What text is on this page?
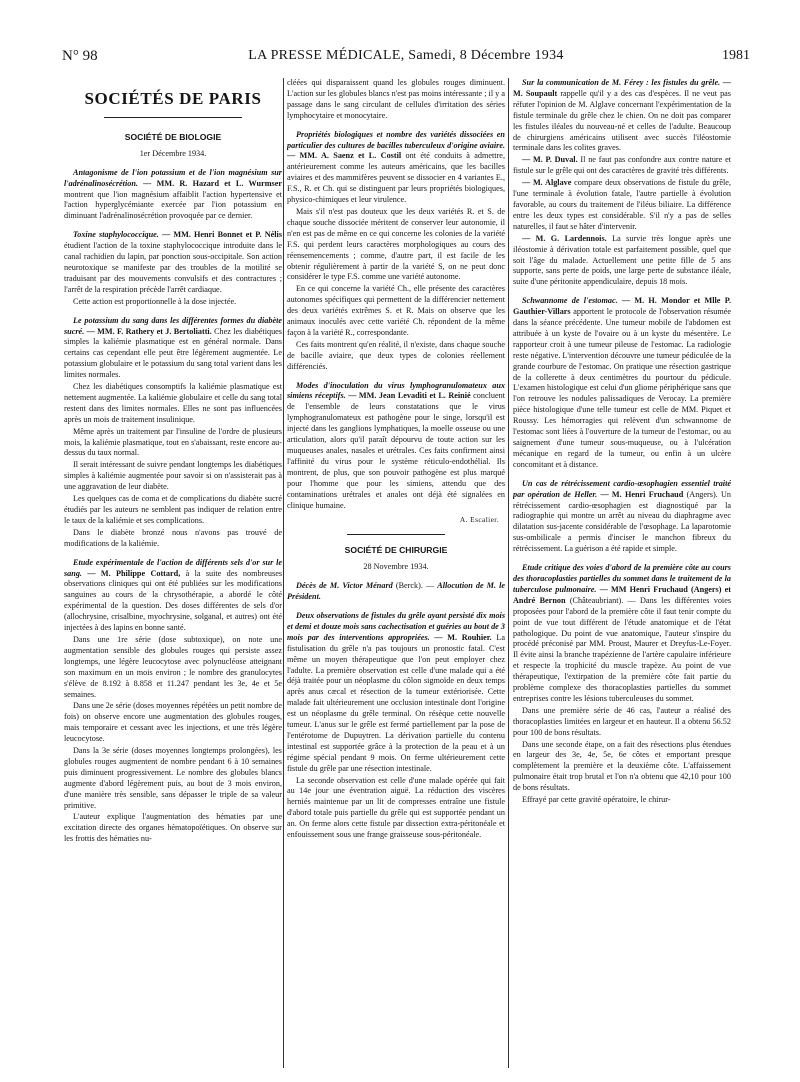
N° 98	LA PRESSE MÉDICALE, Samedi, 8 Décembre 1934	1981
SOCIÉTÉS DE PARIS
SOCIÉTÉ DE BIOLOGIE
1er Décembre 1934.

Antagonisme de l'ion potassium et de l'ion magnésium sur l'adrénalinosécrétion. — MM. R. Hazard et L. Wurmser montrent que l'ion magnésium affaiblit l'action hypertensive et l'action hyperglycémiante exercée par l'ion potassium en diminuant l'adrénalinosécrétion provoquée par ce dernier.

Toxine staphylococcique. — MM. Henri Bonnet et P. Nélis étudient l'action de la toxine staphylococcique introduite dans le canal rachidien du lapin, par ponction sous-occipitale. Son action neurotoxique se manifeste par des troubles de la motilité se traduisant par des mouvements convulsifs et des contractures ; l'arrêt de la respiration précède l'arrêt cardiaque.

Cette action est proportionnelle à la dose injectée.

Le potassium du sang dans les différentes formes du diabète sucré. — MM. F. Rathery et J. Bertoliatti. Chez les diabétiques simples la kaliémie plasmatique est en général normale. Dans certains cas cependant elle peut être légèrement augmentée. Le potassium globulaire et le potassium du sang total varient dans les limites normales.

Chez les diabétiques consomptifs la kaliémie plasmatique est nettement augmentée. La kaliémie globulaire et celle du sang total restent dans des limites normales. Elles ne sont pas influencées après un mois de traitement insulinique.

Même après un traitement par l'insuline de l'ordre de plusieurs mois, la kaliémie plasmatique, tout en s'abaissant, reste encore au-dessus du taux normal.

Il serait intéressant de suivre pendant longtemps les diabétiques simples à kaliémie augmentée pour savoir si on n'assisterait pas à une aggravation de leur diabète.

Les quelques cas de coma et de complications du diabète sucré étudiés par les auteurs ne semblent pas indiquer de relation entre le taux de la kaliémie et ses complications.

Dans le diabète bronzé nous n'avons pas trouvé de modifications de la kaliémie.

Etude expérimentale de l'action de différents sels d'or sur le sang. — M. Philippe Cottard, à la suite des nombreuses observations cliniques qui ont été publiées sur les modifications sanguines au cours de la chrysothérapie, a abordé le côté expérimental de la question. Des doses différentes de sels d'or (allochrysine, crisalbine, myochrysine, solganal, et autres) ont été injectées à des lapins en bonne santé.

Dans une 1re série (dose subtoxique), on note une augmentation sensible des globules rouges qui persiste assez longtemps, une légère leucocytose avec polynucléose atteignant son maximum en un mois environ ; le nombre des granulocytes s'élève de 8.192 à 8.858 et 11.247 pendant les 3e, 4e et 5e semaines.

Dans une 2e série (doses moyennes répétées un petit nombre de fois) on observe encore une augmentation des globules rouges, mais temporaire et cessant avec les injections, et une très légère leucocytose.

Dans la 3e série (doses moyennes longtemps prolongées), les globules rouges augmentent de nombre pendant 6 à 10 semaines puis diminuent progressivement. Le nombre des globules blancs augmente d'abord légèrement puis, au bout de 3 mois environ, d'une manière très sensible, sans dépasser le triple de sa valeur primitive.

L'auteur explique l'augmentation des hématies par une excitation directe des organes hématopoïétiques. On observe sur les frottis des hématies nu-

cléées qui disparaissent quand les globules rouges diminuent. L'action sur les globules blancs n'est pas moins intéressante ; il y a passage dans le sang circulant de cellules d'irritation des séries lymphocytaire et monocytaire.

Propriétés biologiques et nombre des variétés dissociées en particulier des cultures de bacilles tuberculeux d'origine aviaire. — MM. A. Saenz et L. Costil ont été conduits à admettre, antérieurement comme les auteurs américains, que les bacilles aviaires et des mammifères peuvent se dissocier en 4 variantes E., F.S., R. et Ch. qui se distinguent par leurs propriétés biologiques, physico-chimiques et leur virulence.

Mais s'il n'est pas douteux que les deux variétés R. et S. de chaque souche dissociée méritent de conserver leur autonomie, il n'en est pas de même en ce qui concerne les colonies de la variété F.S. qui perdent leurs caractères morphologiques au cours des réensemencements ; comme, d'autre part, il est facile de les obtenir régulièrement à partir de la variété S, on ne peut donc considérer le type F.S. comme une variété autonome.

En ce qui concerne la variété Ch., elle présente des caractères autonomes spécifiques qui permettent de la différencier nettement des deux variétés extrêmes S. et R. Mais on observe que les animaux inoculés avec cette variété Ch. répondent de la même façon à la variété R., correspondante.

Ces faits montrent qu'en réalité, il n'existe, dans chaque souche de bacille aviaire, que deux types de colonies réellement différenciés.

Modes d'inoculation du virus lymphogranulomateux aux simiens réceptifs. — MM. Jean Levaditi et L. Reinié concluent de l'ensemble de leurs constatations que le virus lymphogranulomateux est pathogène pour le singe, lorsqu'il est injecté dans les ganglions lymphatiques, la moelle osseuse ou une articulation, alors qu'il paraît dépourvu de toute action sur les muqueuses anales, nasales et urétrales. Ces faits confirment ainsi l'affinité du virus pour le système réticulo-endothélial. Ils montrent, de plus, que son pouvoir pathogène est plus marqué pour l'homme que pour les simiens, attendu que des contaminations urétrales et anales ont déjà été signalées en clinique humaine.

A. Escalier.
SOCIÉTÉ DE CHIRURGIE
28 Novembre 1934.

Décès de M. Victor Ménard (Berck). — Allocution de M. le Président.

Deux observations de fistules du grêle ayant persisté dix mois et demi et douze mois sans cachectisation et guéries au bout de 3 mois par des interventions appropriées. — M. Rouhier. La fistulisation du grêle n'a pas toujours un pronostic fatal. C'est même un moyen thérapeutique que l'on peut employer chez l'adulte. La première observation est celle d'une malade qui a été déjà traitée pour un néoplasme du côlon sigmoïde en deux temps après anus cæcal et résection de la tumeur extériorisée. Cette malade fait ultérieurement une occlusion intestinale dont l'origine est un néoplasme du grêle terminal. On résèque cette nouvelle tumeur. L'anus sur le grêle est fermé partiellement par la pose de l'entérotome de Dupuytren. La dérivation partielle du contenu intestinal est supportée grâce à la protection de la peau et à un régime spécial pendant 9 mois. On ferme ultérieurement cette fistule du grêle par une résection intestinale.

La seconde observation est celle d'une malade opérée qui fait au 14e jour une éventration aiguë. La réduction des viscères herniés maintenue par un lit de compresses entraîne une fistule d'abord totale puis partielle du grêle qui est supportée pendant un an. On ferme alors cette fistule par dissection extra-péritonéale et enfouissement sous une frange graisseuse sous-péritonéale.

Sur la communication de M. Férey : les fistules du grêle. — M. Soupault rappelle qu'il y a des cas d'espèces. Il ne veut pas réfuter l'opinion de M. Alglave concernant l'expérimentation de la fistule terminale du grêle chez le chien. On ne doit pas comparer les fistules iléales du nouveau-né et celles de l'adulte. Beaucoup de chirurgiens américains utilisent avec succès l'iléostomie terminale dans les colites graves.

— M. P. Duval. Il ne faut pas confondre aux contre nature et fistule sur le grêle qui ont des caractères de gravité très différents.

— M. Alglave compare deux observations de fistule du grêle, l'une terminale à évolution fatale, l'autre partielle à évolution favorable, au cours du traitement de l'iléus biliaire. La différence entre les deux types est considérable. S'il n'y a pas de selles naturelles, il faut se hâter d'intervenir.

— M. G. Lardennois. La survie très longue après une iléostomie à dérivation totale est parfaitement possible, quel que soit l'âge du malade. Actuellement une petite fille de 5 ans supporte, sans perte de poids, une large perte de substance iléale, suite d'une péritonite appendiculaire, depuis 18 mois.

Schwannome de l'estomac. — M. H. Mondor et Mlle P. Gauthier-Villars apportent le protocole de l'observation résumée dans la séance précédente. Une tumeur mobile de l'abdomen est attribuée à un kyste de l'ovaire ou à un kyste du mésentère. Le rapporteur croit à une tumeur pileuse de l'estomac. La radiologie reste négative. L'intervention découvre une tumeur pédiculée de la grande courbure de l'estomac. On pratique une résection gastrique de la collerette à deux centimètres du pourtour du pédicule. L'examen histologique est celui d'un gliome périphérique sans que l'on retrouve les nodules palissadiques de Verocay. La première pièce histologique d'une telle tumeur est celle de MM. Piquet et Roussy. Les hémorragies qui relèvent d'un schwannome de l'estomac sont liées à l'ouverture de la tumeur de l'estomac, ou au saignement d'une tumeur sous-muqueuse, ou à l'ulcération mécanique en regard de la tumeur, ou enfin à un ulcère concomitant et à distance.

Un cas de rétrécissement cardio-œsophagien essentiel traité par opération de Heller. — M. Henri Fruchaud (Angers). Un rétrécissement cardio-œsophagien est diagnostiqué par la radiographie qui montre un arrêt au niveau du diaphragme avec dilatation sus-jacente considérable de l'œsophage. La laparotomie sus-ombilicale a permis d'inciser le manchon fibreux du rétrécissement. La guérison a été rapide et simple.

Etude critique des voies d'abord de la première côte au cours des thoracoplasties partielles du sommet dans le traitement de la tuberculose pulmonaire. — MM Henri Fruchaud (Angers) et André Bernon (Châteaubriant). — Dans les différentes voies proposées pour l'abord de la première côte il faut tenir compte du point de vue tout différent de l'étude anatomique et de l'état pathologique. Du point de vue anatomique, l'auteur s'inspire du procédé préconisé par MM. Proust, Maurer et Dreyfus-Le-Foyer. Il évite ainsi la branche trapézienne de l'artère capulaire inférieure et respecte la trophicité du muscle trapèze. Au point de vue thérapeutique, l'extirpation de la première côte fait partie du problème complexe des thoracoplasties partielles du sommet entreprises contre les lésions tuberculeuses du sommet.

Dans une première série de 46 cas, l'auteur a réalisé des thoracoplasties limitées en largeur et en hauteur. Il a obtenu 56.52 pour 100 de bons résultats.

Dans une seconde étape, on a fait des résections plus étendues en largeur des 3e, 4e, 5e, 6e côtes et emportant presque complètement la première et la deuxième côte. L'affaissement pulmonaire était trop brutal et l'on n'a obtenu que 42,10 pour 100 de bons résultats.

Effrayé par cette gravité opératoire, le chirur-
